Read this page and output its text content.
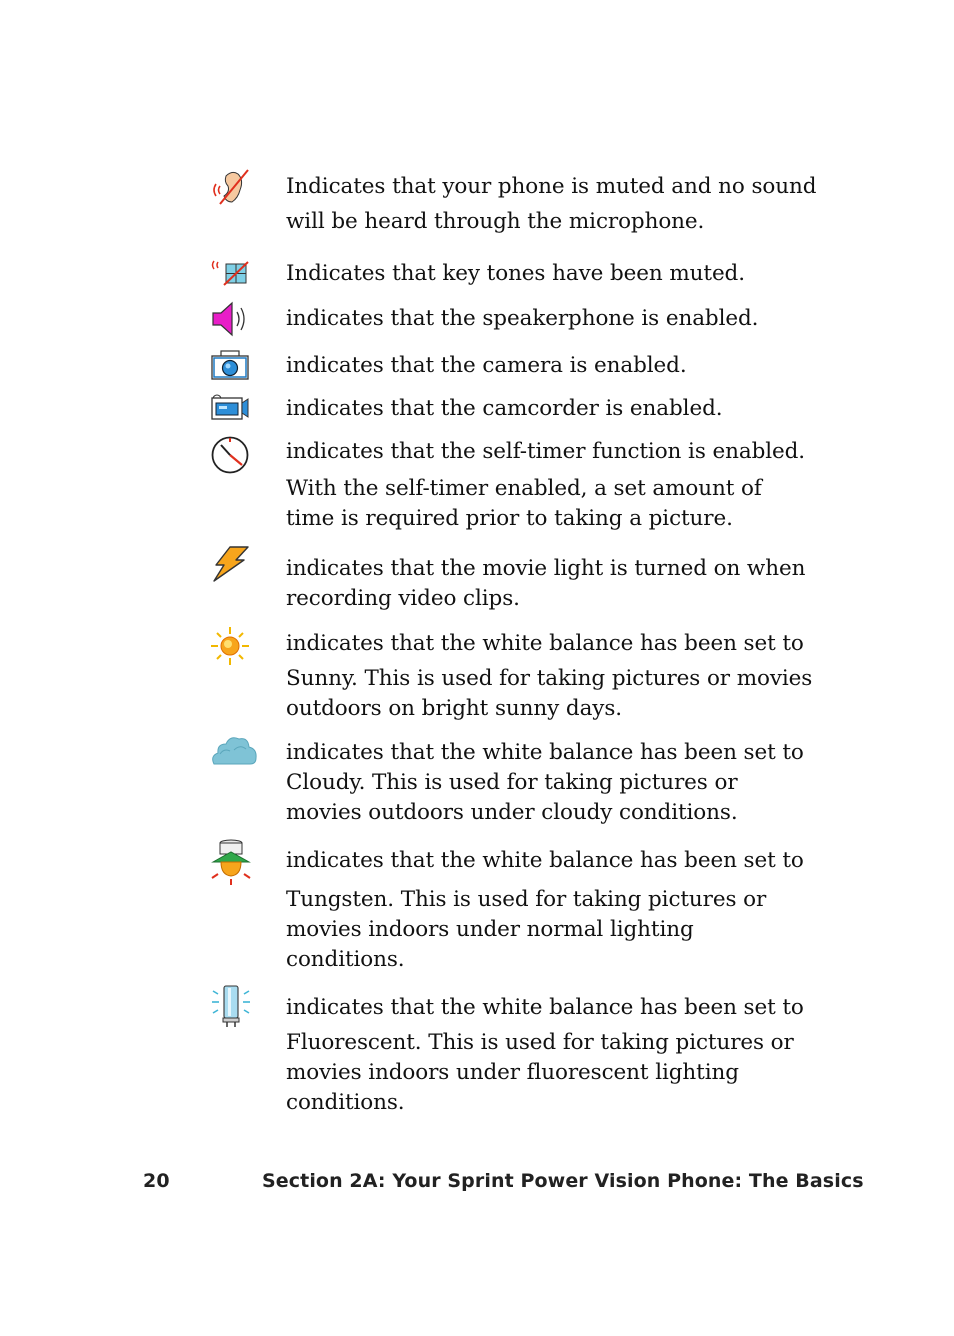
Indicates that your phone is muted and no sound
will be heard through the microphone.
Indicates that key tones have been muted.
indicates that the speakerphone is enabled.
indicates that the camera is enabled.
indicates that the camcorder is enabled.
indicates that the self-timer function is enabled.
With the self-timer enabled, a set amount of
time is required prior to taking a picture.
indicates that the movie light is turned on when
recording video clips.
indicates that the white balance has been set to
Sunny. This is used for taking pictures or movies
outdoors on bright sunny days.
indicates that the white balance has been set to
Cloudy. This is used for taking pictures or
movies outdoors under cloudy conditions.
indicates that the white balance has been set to
Tungsten. This is used for taking pictures or
movies indoors under normal lighting
conditions.
indicates that the white balance has been set to
Fluorescent. This is used for taking pictures or
movies indoors under fluorescent lighting
conditions.
20	Section 2A: Your Sprint Power Vision Phone: The Basics
